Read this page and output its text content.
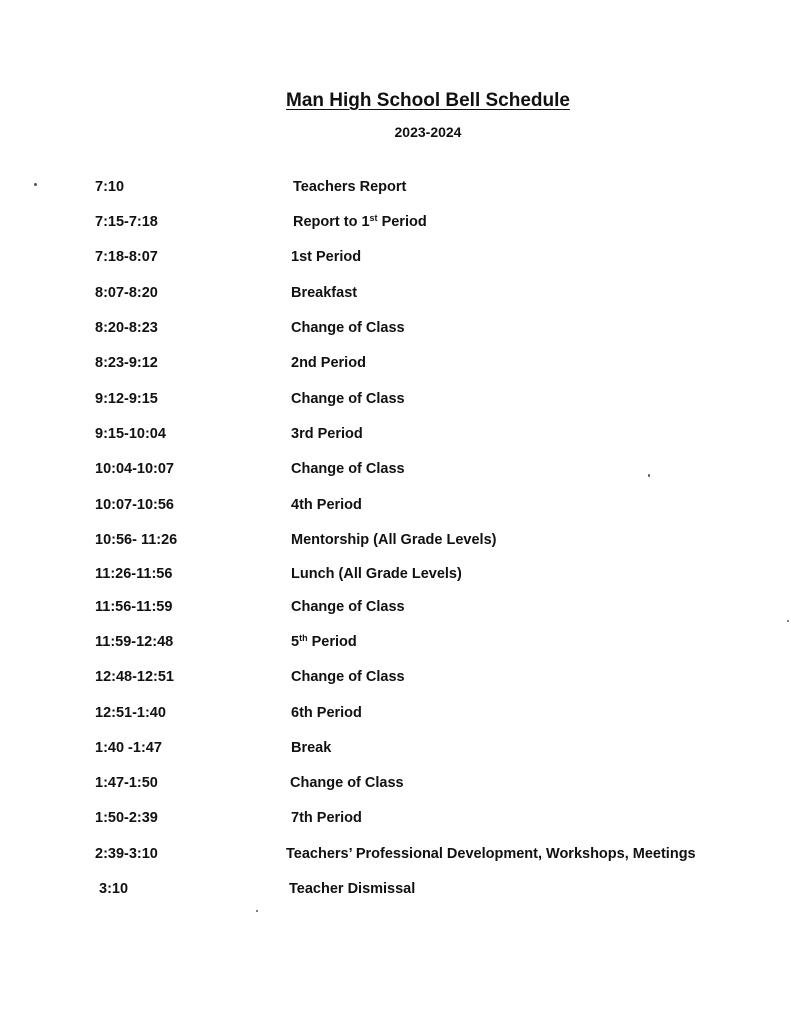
Man High School Bell Schedule
2023-2024
7:10	Teachers Report
7:15-7:18	Report to 1st Period
7:18-8:07	1st Period
8:07-8:20	Breakfast
8:20-8:23	Change of Class
8:23-9:12	2nd Period
9:12-9:15	Change of Class
9:15-10:04	3rd Period
10:04-10:07	Change of Class
10:07-10:56	4th Period
10:56- 11:26	Mentorship (All Grade Levels)
11:26-11:56	Lunch (All Grade Levels)
11:56-11:59	Change of Class
11:59-12:48	5th Period
12:48-12:51	Change of Class
12:51-1:40	6th Period
1:40 -1:47	Break
1:47-1:50	Change of Class
1:50-2:39	7th Period
2:39-3:10	Teachers’ Professional Development, Workshops, Meetings
3:10	Teacher Dismissal
